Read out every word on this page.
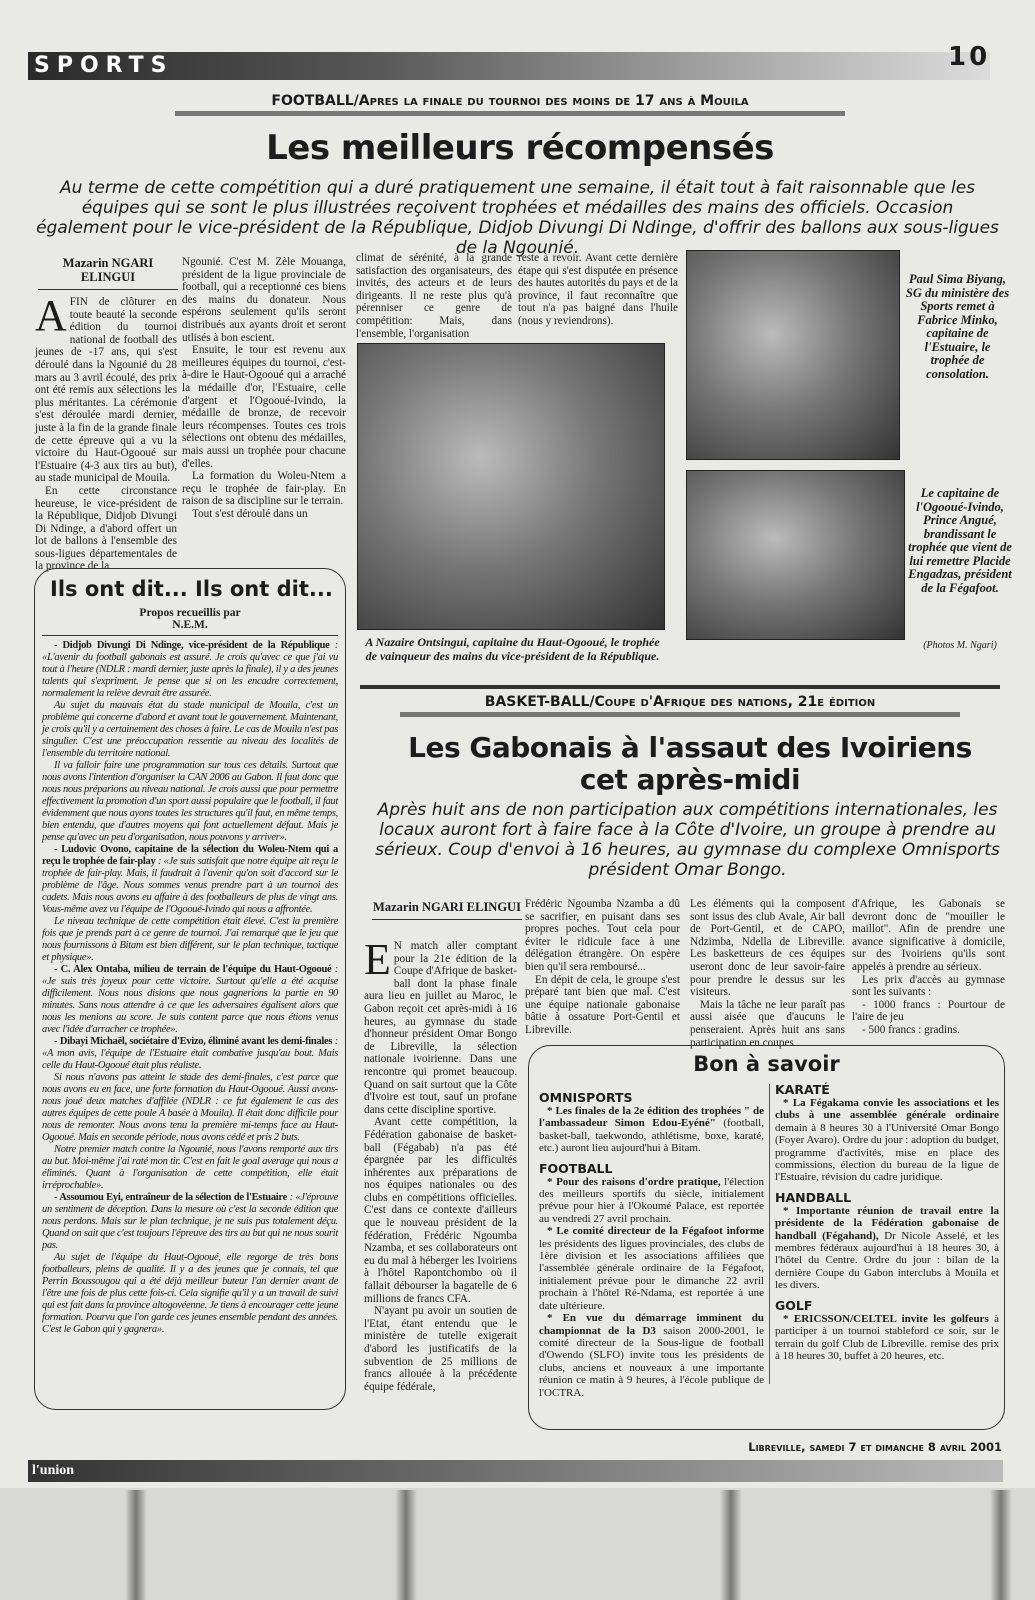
SPORTS	10
FOOTBALL/Apres la finale du tournoi des moins de 17 ans à Mouila
Les meilleurs récompensés
Au terme de cette compétition qui a duré pratiquement une semaine, il était tout à fait raisonnable que les équipes qui se sont le plus illustrées reçoivent trophées et médailles des mains des officiels. Occasion également pour le vice-président de la République, Didjob Divungi Di Ndinge, d'offrir des ballons aux sous-ligues de la Ngounié.
Mazarin NGARI ELINGUI

AFIN de clôturer en toute beauté la seconde édition du tournoi national de football des jeunes de -17 ans, qui s'est déroulé dans la Ngounié du 28 mars au 3 avril écoulé, des prix ont été remis aux sélections les plus méritantes. La cérémonie s'est déroulée mardi dernier, juste à la fin de la grande finale de cette épreuve qui a vu la victoire du Haut-Ogooué sur l'Estuaire (4-3 aux tirs au but), au stade municipal de Mouila.

En cette circonstance heureuse, le vice-président de la République, Didjob Divungi Di Ndinge, a d'abord offert un lot de ballons à l'ensemble des sous-ligues départementales de la province de la

Ngounié. C'est M. Zèle Mouanga, président de la ligue provinciale de football, qui a receptionné ces biens des mains du donateur. Nous espérons seulement qu'ils seront distribués aux ayants droit et seront utlisés à bon escient.

Ensuite, le tour est revenu aux meilleures équipes du tournoi, c'est-à-dire le Haut-Ogooué qui a arraché la médaille d'or, l'Estuaire, celle d'argent et l'Ogooué-Ivindo, la médaille de bronze, de recevoir leurs récompenses. Toutes ces trois sélections ont obtenu des médailles, mais aussi un trophée pour chacune d'elles.

La formation du Woleu-Ntem a reçu le trophée de fair-play. En raison de sa discipline sur le terrain.

Tout s'est déroulé dans un

climat de sérénité, à la grande satisfaction des organisateurs, des invités, des acteurs et de leurs dirigeants. Il ne reste plus qu'à pérenniser ce genre de compétition: Mais, dans l'ensemble, l'organisation

reste à revoir. Avant cette dernière étape qui s'est disputée en présence des hautes autorités du pays et de la province, il faut reconnaître que tout n'a pas baigné dans l'huile (nous y reviendrons).

A Nazaire Ontsingui, capitaine du Haut-Ogooué, le trophée de vainqueur des mains du vice-président de la République.
Paul Sima Biyang, SG du ministère des Sports remet à Fabrice Minko, capitaine de l'Estuaire, le trophée de consolation.
Le capitaine de l'Ogooué-Ivindo, Prince Angué, brandissant le trophée que vient de lui remettre Placide Engadzas, président de la Fégafoot.
(Photos M. Ngari)
Ils ont dit... Ils ont dit...
Propos recueillis par
N.E.M.

- Didjob Divungi Di Ndinge, vice-président de la République : «L'avenir du football gabonais est assuré. Je crois qu'avec ce que j'ai vu tout à l'heure (NDLR : mardi dernier, juste après la finale), il y a des jeunes talents qui s'expriment. Je pense que si on les encadre correctement, normalement la relève devrait être assurée.

Au sujet du mauvais état du stade municipal de Mouila, c'est un problème qui concerne d'abord et avant tout le gouvernement. Maintenant, je crois qu'il y a certainement des choses à faire. Le cas de Mouila n'est pas singulier. C'est une préoccupation ressentie au niveau des localités de l'ensemble du territoire national.

Il va falloir faire une programmation sur tous ces détails. Surtout que nous avons l'intention d'organiser la CAN 2006 au Gabon. Il faut donc que nous nous préparions au niveau national. Je crois aussi que pour permettre effectivement la promotion d'un sport aussi populaire que le football, il faut évidemment que nous ayons toutes les structures qu'il faut, en même temps, bien entendu, que d'autres moyens qui font actuellement défaut. Mais je pense qu'avec un peu d'organisation, nous pouvons y arriver».

- Ludovic Ovono, capitaine de la sélection du Woleu-Ntem qui a reçu le trophée de fair-play : «Je suis satisfait que notre équipe ait reçu le trophée de fair-play. Mais, il faudrait à l'avenir qu'on soit d'accord sur le problème de l'âge. Nous sommes venus prendre part à un tournoi des cadets. Mais nous avons eu affaire à des footballeurs de plus de vingt ans. Vous-même avez vu l'équipe de l'Ogooué-Ivindo qui nous a affrontée.

Le niveau technique de cette compétition était élevé. C'est la première fois que je prends part à ce genre de tournoi. J'ai remarqué que le jeu que nous fournissons à Bitam est bien différent, sur le plan technique, tactique et physique».

- C. Alex Ontaba, milieu de terrain de l'équipe du Haut-Ogooué : «Je suis très joyeux pour cette victoire. Surtout qu'elle a été acquise difficilement. Nous nous disions que nous gagnerions la partie en 90 minutes. Sans nous attendre à ce que les adversaires égalisent alors que nous les menions au score. Je suis content parce que nous étions venus avec l'idée d'arracher ce trophée».

- Dibayi Michaël, sociétaire d'Evizo, éliminé avant les demi-finales : «A mon avis, l'équipe de l'Estuaire était combative jusqu'au bout. Mais celle du Haut-Ogooué était plus réaliste.

Si nous n'avons pas atteint le stade des demi-finales, c'est parce que nous avons eu en face, une forte formation du Haut-Ogooué. Aussi avons-nous joué deux matches d'affilée (NDLR : ce fut également le cas des autres équipes de cette poule A basée à Mouila). Il était donc difficile pour nous de remonter. Nous avons tenu la première mi-temps face au Haut-Ogooué. Mais en seconde période, nous avons cédé et pris 2 buts.

Notre premier match contre la Ngounié, nous l'avons remporté aux tirs au but. Moi-même j'ai raté mon tir. C'est en fait le goal average qui nous a éliminés. Quant à l'organisation de cette compétition, elle était irréprochable».

- Assoumou Eyi, entraîneur de la sélection de l'Estuaire : «J'éprouve un sentiment de déception. Dans la mesure où c'est la seconde édition que nous perdons. Mais sur le plan technique, je ne suis pas totalement déçu. Quand on sait que c'est toujours l'épreuve des tirs au but qui ne nous sourit pas.

Au sujet de l'équipe du Haut-Ogooué, elle regorge de très bons footballeurs, pleins de qualité. Il y a des jeunes que je connais, tel que Perrin Boussougou qui a été déjà meilleur buteur l'an dernier avant de l'être une fois de plus cette fois-ci. Cela signifie qu'il y a un travail de suivi qui est fait dans la province altogovéenne. Je tiens à encourager cette jeune formation. Pourvu que l'on garde ces jeunes ensemble pendant des années. C'est le Gabon qui y gagnera».

BASKET-BALL/Coupe d'Afrique des nations, 21e édition
Les Gabonais à l'assaut des Ivoiriens cet après-midi
Après huit ans de non participation aux compétitions internationales, les locaux auront fort à faire face à la Côte d'Ivoire, un groupe à prendre au sérieux. Coup d'envoi à 16 heures, au gymnase du complexe Omnisports président Omar Bongo.
Mazarin NGARI ELINGUI

E N match aller comptant pour la 21e édition de la Coupe d'Afrique de basket-ball dont la phase finale aura lieu en juillet au Maroc, le Gabon reçoit cet après-midi à 16 heures, au gymnase du stade d'honneur président Omar Bongo de Libreville, la sélection nationale ivoirienne. Dans une rencontre qui promet beaucoup. Quand on sait surtout que la Côte d'Ivoire est tout, sauf un profane dans cette discipline sportive.

Avant cette compétition, la Fédération gabonaise de basket-ball (Fégabab) n'a pas été épargnée par les difficultés inhérentes aux préparations de nos équipes nationales ou des clubs en compétitions officielles. C'est dans ce contexte d'ailleurs que le nouveau président de la fédération, Frédéric Ngoumba Nzamba, et ses collaborateurs ont eu du mal à héberger les Ivoiriens à l'hôtel Rapontchombo où il fallait débourser la bagatelle de 6 millions de francs CFA.

N'ayant pu avoir un soutien de l'Etat, étant entendu que le ministère de tutelle exigerait d'abord les justificatifs de la subvention de 25 millions de francs allouée à la précédente équipe fédérale,

Frédéric Ngoumba Nzamba a dû se sacrifier, en puisant dans ses propres poches. Tout cela pour éviter le ridicule face à une délégation étrangère. On espère bien qu'il sera remboursé...

En dépit de cela, le groupe s'est préparé tant bien que mal. C'est une équipe nationale gabonaise bâtie à ossature Port-Gentil et Libreville.

Les éléments qui la composent sont issus des club Avale, Air ball de Port-Gentil, et de CAPO, Ndzimba, Ndella de Libreville. Les basketteurs de ces équipes useront donc de leur savoir-faire pour prendre le dessus sur les visiteurs.

Mais la tâche ne leur paraît pas aussi aisée que d'aucuns le penseraient. Après huit ans sans participation en coupes

d'Afrique, les Gabonais se devront donc de "mouiller le maillot". Afin de prendre une avance significative à domicile, sur des Ivoiriens qu'ils sont appelés à prendre au sérieux.

Les prix d'accès au gymnase sont les suivants :

- 1000 francs : Pourtour de l'aire de jeu

- 500 francs : gradins.

Bon à savoir
OMNISPORTS

* Les finales de la 2e édition des trophées " de l'ambassadeur Simon Edou-Eyéné" (football, basket-ball, taekwondo, athlétisme, boxe, karaté, etc.) auront lieu aujourd'hui à Bitam.

FOOTBALL

* Pour des raisons d'ordre pratique, l'élection des meilleurs sportifs du siècle, initialement prévue pour hier à l'Okoumé Palace, est reportée au vendredi 27 avril prochain.

* Le comité directeur de la Fégafoot informe les présidents des ligues provinciales, des clubs de 1ère division et les associations affiliées que l'assemblée générale ordinaire de la Fégafoot, initialement prévue pour le dimanche 22 avril prochain à l'hôtel Ré-Ndama, est reportée à une date ultérieure.

* En vue du démarrage imminent du championnat de la D3 saison 2000-2001, le comité directeur de la Sous-ligue de football d'Owendo (SLFO) invite tous les présidents de clubs, anciens et nouveaux à une importante réunion ce matin à 9 heures, à l'école publique de l'OCTRA.

KARATÉ

* La Fégakama convie les associations et les clubs à une assemblée générale ordinaire demain à 8 heures 30 à l'Université Omar Bongo (Foyer Avaro). Ordre du jour : adoption du budget, programme d'activités, mise en place des commissions, élection du bureau de la ligue de l'Estuaire, révision du cadre juridique.

HANDBALL

* Importante réunion de travail entre la présidente de la Fédération gabonaise de handball (Fégahand), Dr Nicole Asselé, et les membres fédéraux aujourd'hui à 18 heures 30, à l'hôtel du Centre. Ordre du jour : bilan de la dernière Coupe du Gabon interclubs à Mouila et les divers.

GOLF

* ERICSSON/CELTEL invite les golfeurs à participer à un tournoi stableford ce soir, sur le terrain du golf Club de Libreville. remise des prix à 18 heures 30, buffet à 20 heures, etc.

l'union
Libreville, samedi 7 et dimanche 8 avril 2001
